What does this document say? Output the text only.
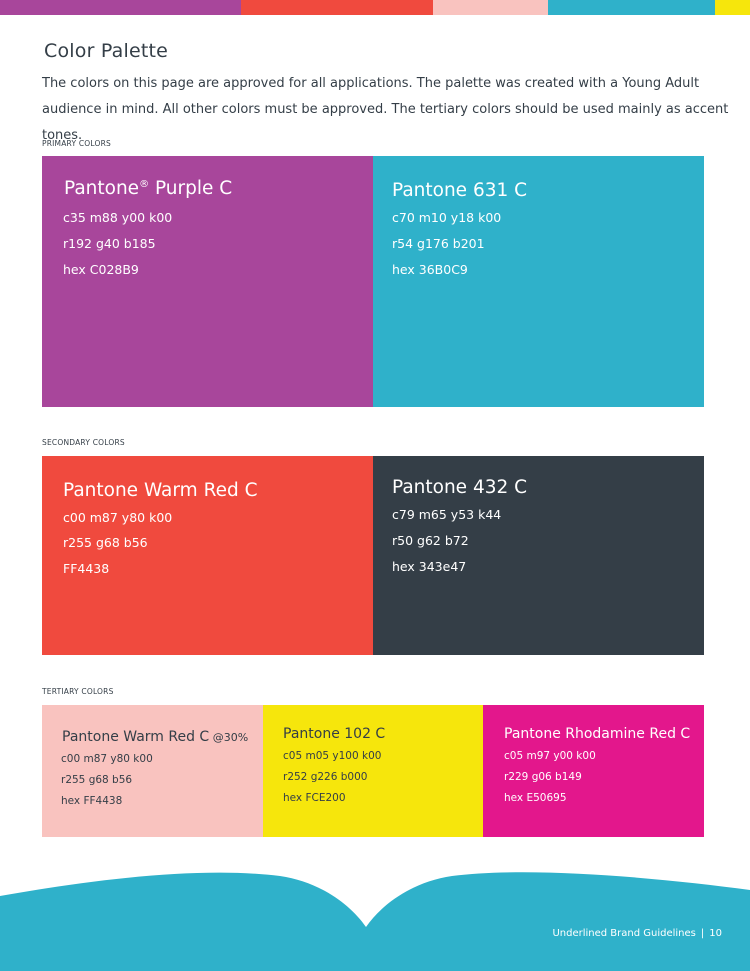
Color Palette

The colors on this page are approved for all applications. The palette was created with a Young Adult audience in mind. All other colors must be approved. The tertiary colors should be used mainly as accent tones.

PRIMARY COLORS

Pantone® Purple C
c35 m88 y00 k00
r192 g40 b185
hex C028B9
Pantone 631 C
c70 m10 y18 k00
r54 g176 b201
hex 36B0C9

SECONDARY COLORS

Pantone Warm Red C
c00 m87 y80 k00
r255 g68 b56
FF4438
Pantone 432 C
c79 m65 y53 k44
r50 g62 b72
hex 343e47

TERTIARY COLORS

Pantone Warm Red C @30%
c00 m87 y80 k00
r255 g68 b56
hex FF4438
Pantone 102 C
c05 m05 y100 k00
r252 g226 b000
hex FCE200
Pantone Rhodamine Red C
c05 m97 y00 k00
r229 g06 b149
hex E50695
Underlined Brand Guidelines | 10
